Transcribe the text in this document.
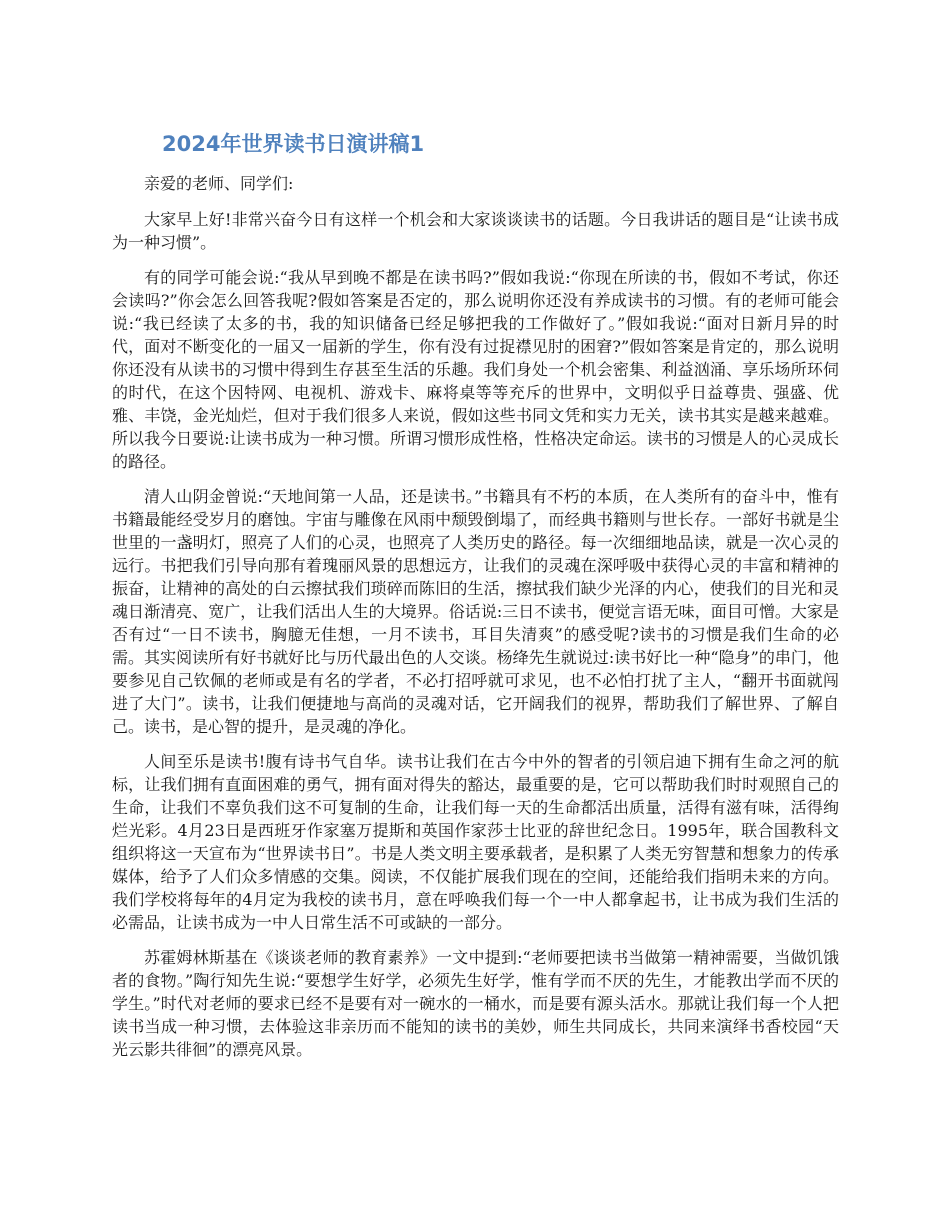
2024年世界读书日演讲稿1

亲爱的老师、同学们:

大家早上好!非常兴奋今日有这样一个机会和大家谈谈读书的话题。今日我讲话的题目是“让读书成为一种习惯”。

有的同学可能会说:“我从早到晚不都是在读书吗?”假如我说:“你现在所读的书，假如不考试，你还会读吗?”你会怎么回答我呢?假如答案是否定的，那么说明你还没有养成读书的习惯。有的老师可能会说:“我已经读了太多的书，我的知识储备已经足够把我的工作做好了。”假如我说:“面对日新月异的时代，面对不断变化的一届又一届新的学生，你有没有过捉襟见肘的困窘?”假如答案是肯定的，那么说明你还没有从读书的习惯中得到生存甚至生活的乐趣。我们身处一个机会密集、利益汹涌、享乐场所环伺的时代，在这个因特网、电视机、游戏卡、麻将桌等等充斥的世界中，文明似乎日益尊贵、强盛、优雅、丰饶，金光灿烂，但对于我们很多人来说，假如这些书同文凭和实力无关，读书其实是越来越难。所以我今日要说:让读书成为一种习惯。所谓习惯形成性格，性格决定命运。读书的习惯是人的心灵成长的路径。

清人山阴金曾说:“天地间第一人品，还是读书。”书籍具有不朽的本质，在人类所有的奋斗中，惟有书籍最能经受岁月的磨蚀。宇宙与雕像在风雨中颓毁倒塌了，而经典书籍则与世长存。一部好书就是尘世里的一盏明灯，照亮了人们的心灵，也照亮了人类历史的路径。每一次细细地品读，就是一次心灵的远行。书把我们引导向那有着瑰丽风景的思想远方，让我们的灵魂在深呼吸中获得心灵的丰富和精神的振奋，让精神的高处的白云擦拭我们琐碎而陈旧的生活，擦拭我们缺少光泽的内心，使我们的目光和灵魂日渐清亮、宽广，让我们活出人生的大境界。俗话说:三日不读书，便觉言语无味，面目可憎。大家是否有过“一日不读书，胸臆无佳想，一月不读书，耳目失清爽”的感受呢?读书的习惯是我们生命的必需。其实阅读所有好书就好比与历代最出色的人交谈。杨绛先生就说过:读书好比一种“隐身”的串门，他要参见自己钦佩的老师或是有名的学者，不必打招呼就可求见，也不必怕打扰了主人，“翻开书面就闯进了大门”。读书，让我们便捷地与高尚的灵魂对话，它开阔我们的视界，帮助我们了解世界、了解自己。读书，是心智的提升，是灵魂的净化。

人间至乐是读书!腹有诗书气自华。读书让我们在古今中外的智者的引领启迪下拥有生命之河的航标，让我们拥有直面困难的勇气，拥有面对得失的豁达，最重要的是，它可以帮助我们时时观照自己的生命，让我们不辜负我们这不可复制的生命，让我们每一天的生命都活出质量，活得有滋有味，活得绚烂光彩。4月23日是西班牙作家塞万提斯和英国作家莎士比亚的辞世纪念日。1995年，联合国教科文组织将这一天宣布为“世界读书日”。书是人类文明主要承载者，是积累了人类无穷智慧和想象力的传承媒体，给予了人们众多情感的交集。阅读，不仅能扩展我们现在的空间，还能给我们指明未来的方向。我们学校将每年的4月定为我校的读书月，意在呼唤我们每一个一中人都拿起书，让书成为我们生活的必需品，让读书成为一中人日常生活不可或缺的一部分。

苏霍姆林斯基在《谈谈老师的教育素养》一文中提到:“老师要把读书当做第一精神需要，当做饥饿者的食物。”陶行知先生说:“要想学生好学，必须先生好学，惟有学而不厌的先生，才能教出学而不厌的学生。”时代对老师的要求已经不是要有对一碗水的一桶水，而是要有源头活水。那就让我们每一个人把读书当成一种习惯，去体验这非亲历而不能知的读书的美妙，师生共同成长，共同来演绎书香校园“天光云影共徘徊”的漂亮风景。
